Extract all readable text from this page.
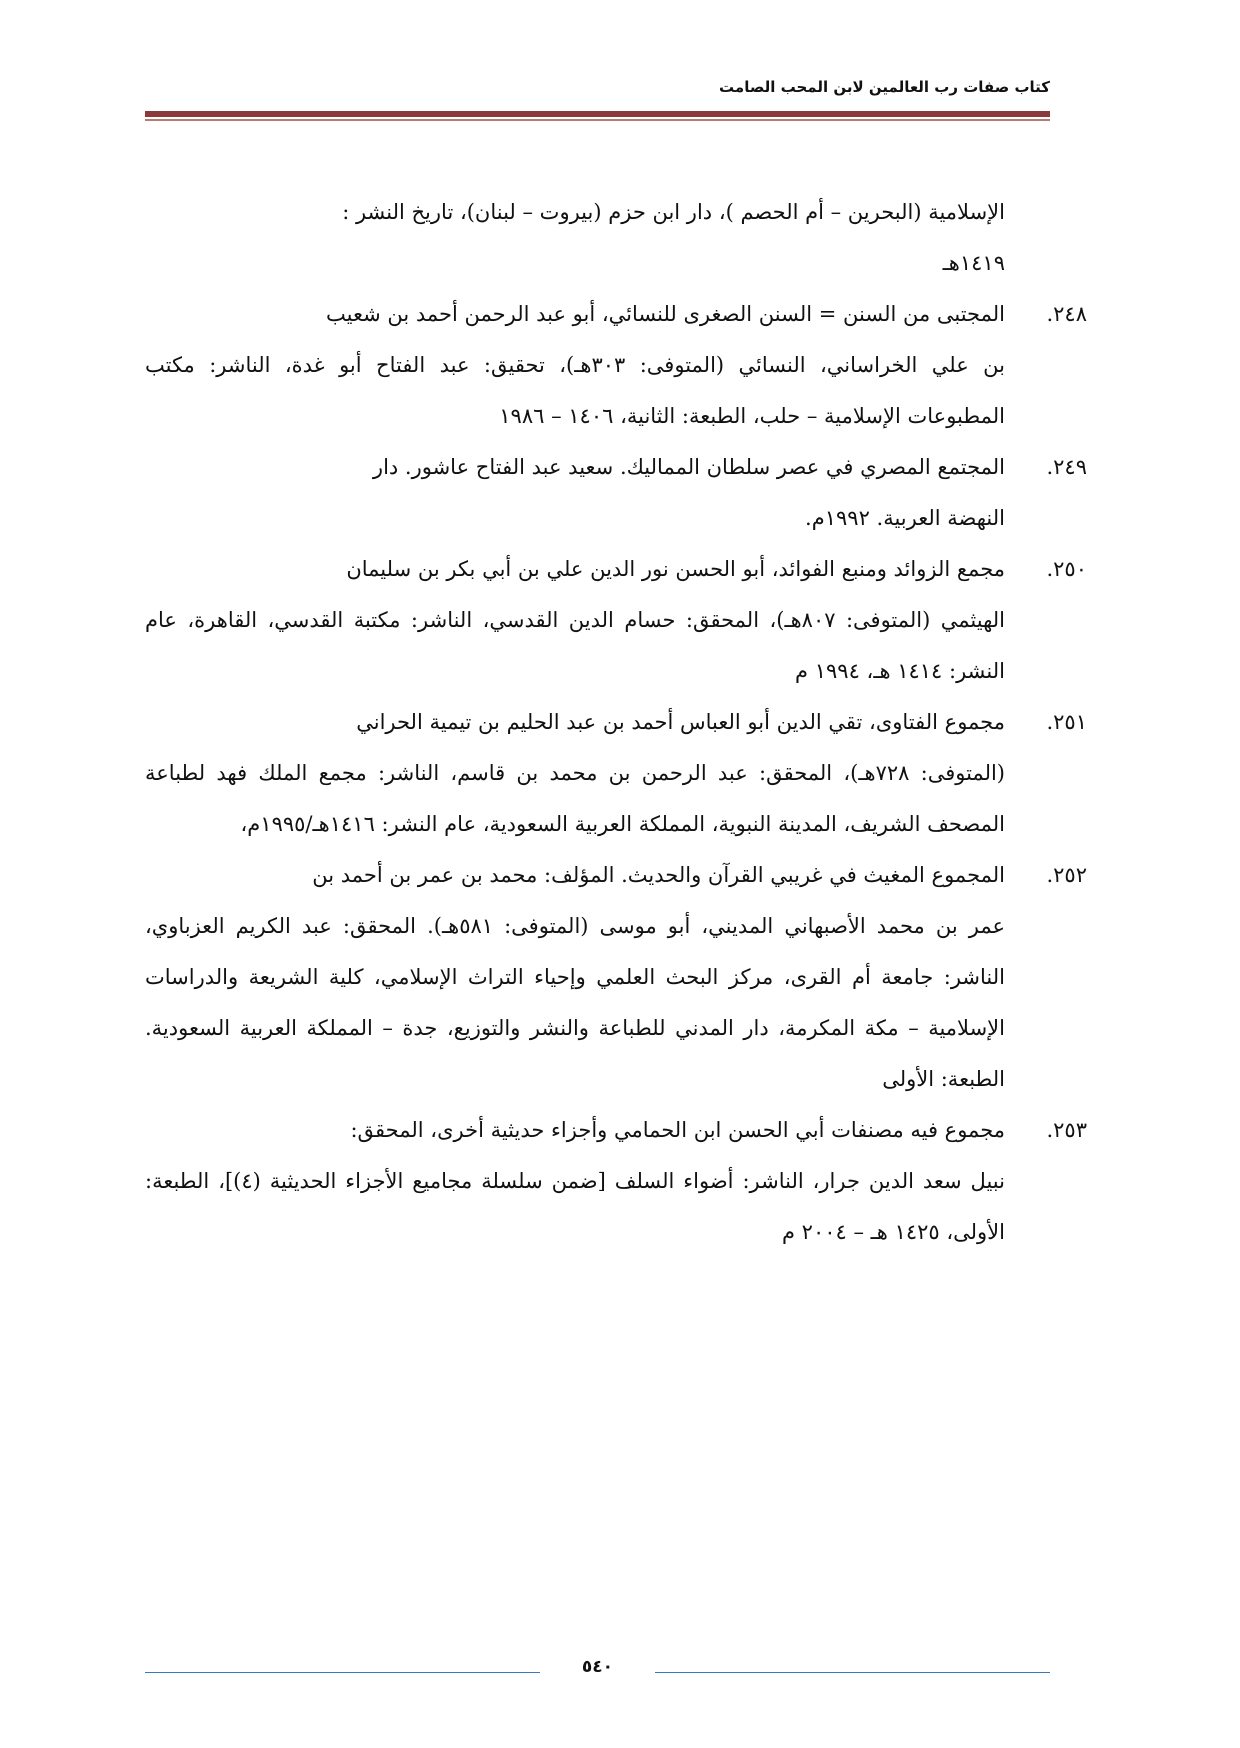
كتاب صفات رب العالمين لابن المحب الصامت
الإسلامية (البحرين – أم الحصم )، دار ابن حزم (بيروت – لبنان)، تاريخ النشر :
١٤١٩هـ
٢٤٨.المجتبى من السنن = السنن الصغرى للنسائي، أبو عبد الرحمن أحمد بن شعيب
بن علي الخراساني، النسائي (المتوفى: ٣٠٣هـ)، تحقيق: عبد الفتاح أبو غدة، الناشر: مكتب المطبوعات الإسلامية – حلب، الطبعة: الثانية، ١٤٠٦ – ١٩٨٦
٢٤٩.المجتمع المصري في عصر سلطان المماليك. سعيد عبد الفتاح عاشور. دار
النهضة العربية. ١٩٩٢م.
٢٥٠.مجمع الزوائد ومنبع الفوائد، أبو الحسن نور الدين علي بن أبي بكر بن سليمان
الهيثمي (المتوفى: ٨٠٧هـ)، المحقق: حسام الدين القدسي، الناشر: مكتبة القدسي، القاهرة، عام النشر: ١٤١٤ هـ، ١٩٩٤ م
٢٥١.مجموع الفتاوى، تقي الدين أبو العباس أحمد بن عبد الحليم بن تيمية الحراني
(المتوفى: ٧٢٨هـ)، المحقق: عبد الرحمن بن محمد بن قاسم، الناشر: مجمع الملك فهد لطباعة المصحف الشريف، المدينة النبوية، المملكة العربية السعودية، عام النشر: ١٤١٦هـ/١٩٩٥م،
٢٥٢.المجموع المغيث في غريبي القرآن والحديث. المؤلف: محمد بن عمر بن أحمد بن
عمر بن محمد الأصبهاني المديني، أبو موسى (المتوفى: ٥٨١هـ). المحقق: عبد الكريم العزباوي، الناشر: جامعة أم القرى، مركز البحث العلمي وإحياء التراث الإسلامي، كلية الشريعة والدراسات الإسلامية – مكة المكرمة، دار المدني للطباعة والنشر والتوزيع، جدة – المملكة العربية السعودية. الطبعة: الأولى
٢٥٣.مجموع فيه مصنفات أبي الحسن ابن الحمامي وأجزاء حديثية أخرى، المحقق:
نبيل سعد الدين جرار، الناشر: أضواء السلف [ضمن سلسلة مجاميع الأجزاء الحديثية (٤)]، الطبعة: الأولى، ١٤٢٥ هـ – ٢٠٠٤ م
٥٤٠
